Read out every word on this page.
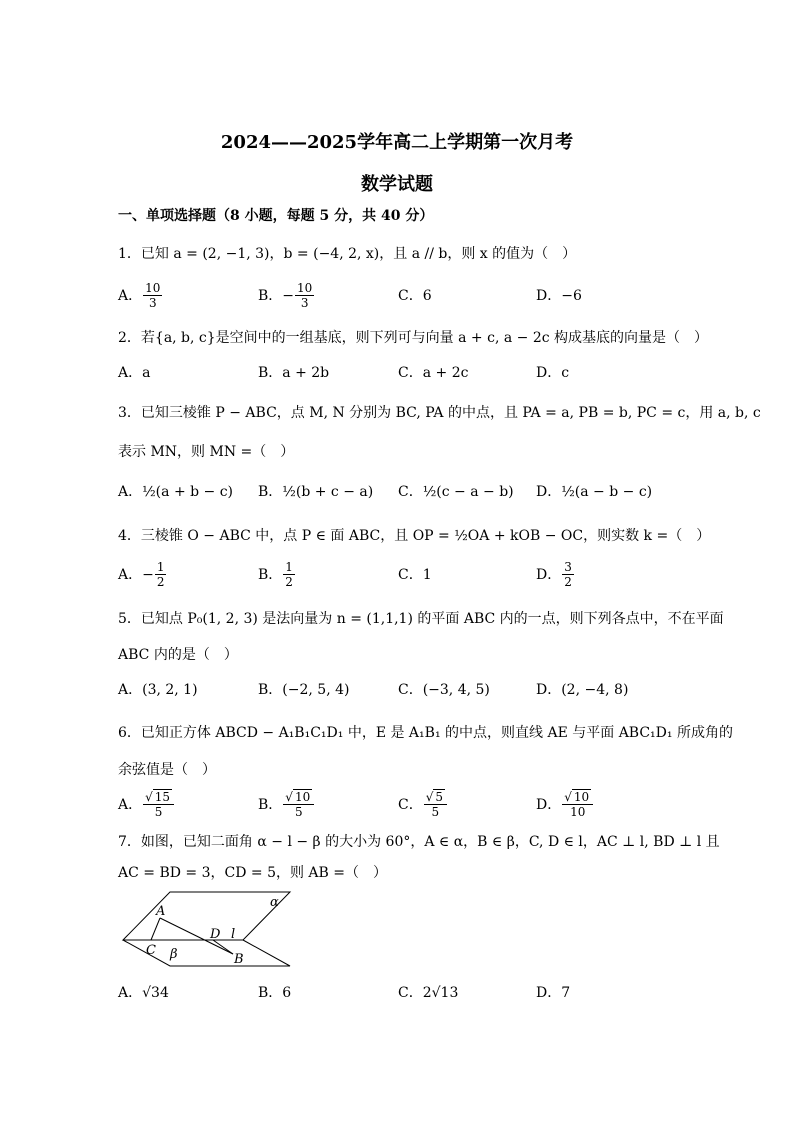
2024——2025学年高二上学期第一次月考
数学试题
一、单项选择题（8 小题，每题 5 分，共 40 分）
1．已知 a = (2, −1, 3)，b = (−4, 2, x)，且 a // b，则 x 的值为（　）
A． $\frac{10}{3}$	B．− $\frac{10}{3}$	C．6	D．−6
2．若{a, b, c}是空间中的一组基底，则下列可与向量 a + c, a − 2c 构成基底的向量是（　）
A．a	B．a + 2b	C．a + 2c	D．c
3．已知三棱锥 P − ABC，点 M, N 分别为 BC, PA 的中点，且 PA = a, PB = b, PC = c，用 a, b, c
表示 MN，则 MN =（　）
A．½(a + b − c) B．½(b + c − a) C．½(c − a − b) D．½(a − b − c)
4．三棱锥 O − ABC 中，点 P ∈ 面 ABC，且 OP = ½OA + kOB − OC，则实数 k =（　）
A．− $\frac{1}{2}$	B． $\frac{1}{2}$	C．1	D． $\frac{3}{2}$
5．已知点 P₀(1, 2, 3) 是法向量为 n = (1,1,1) 的平面 ABC 内的一点，则下列各点中，不在平面
ABC 内的是（　）
A．(3, 2, 1)	B．(−2, 5, 4)	C．(−3, 4, 5)	D．(2, −4, 8)
6．已知正方体 ABCD − A₁B₁C₁D₁ 中，E 是 A₁B₁ 的中点，则直线 AE 与平面 ABC₁D₁ 所成角的
余弦值是（　）
A． $\frac{√ 15}{5}$	B． $\frac{√ 10}{5}$	C． $\frac{√ 5}{5}$	D． $\frac{√ 10}{10}$
7．如图，已知二面角 α − l − β 的大小为 60°，A ∈ α，B ∈ β，C, D ∈ l，AC ⊥ l, BD ⊥ l 且
AC = BD = 3，CD = 5，则 AB =（　）
α
A
C
D l
β	B
A．√34	B．6	C．2√13	D．7
